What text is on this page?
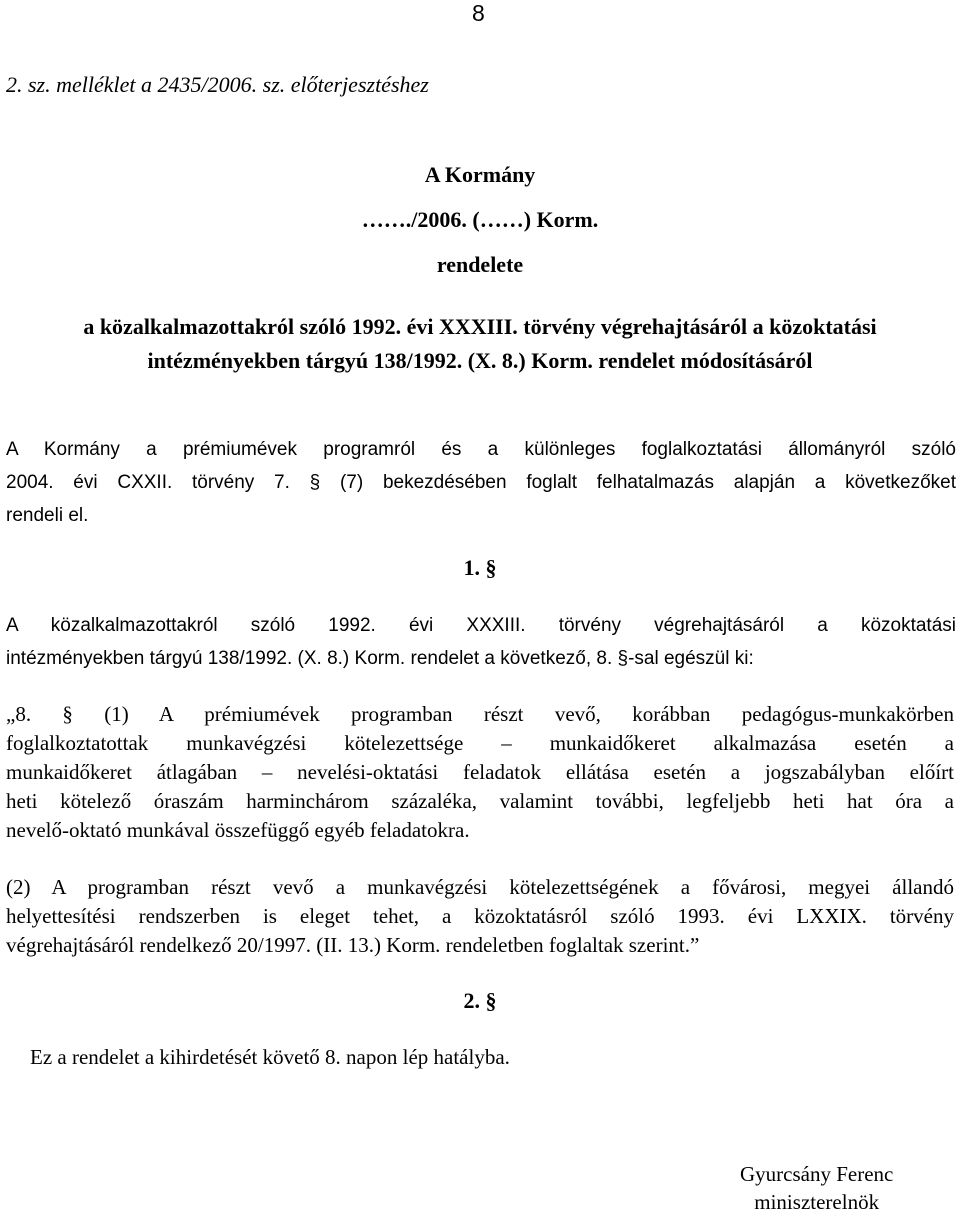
8
2. sz. melléklet a 2435/2006. sz. előterjesztéshez
A Kormány
……./2006. (……) Korm.
rendelete
a közalkalmazottakról szóló 1992. évi XXXIII. törvény végrehajtásáról a közoktatási
intézményekben tárgyú 138/1992. (X. 8.) Korm. rendelet módosításáról
A Kormány a prémiumévek programról és a különleges foglalkoztatási állományról szóló
2004. évi CXXII. törvény 7. § (7) bekezdésében foglalt felhatalmazás alapján a következőket
rendeli el.
1. §
A közalkalmazottakról szóló 1992. évi XXXIII. törvény végrehajtásáról a közoktatási
intézményekben tárgyú 138/1992. (X. 8.) Korm. rendelet a következő, 8. §-sal egészül ki:
„8. § (1) A prémiumévek programban részt vevő, korábban pedagógus-munkakörben
foglalkoztatottak munkavégzési kötelezettsége – munkaidőkeret alkalmazása esetén a
munkaidőkeret átlagában – nevelési-oktatási feladatok ellátása esetén a jogszabályban előírt
heti kötelező óraszám harminchárom százaléka, valamint további, legfeljebb heti hat óra a
nevelő-oktató munkával összefüggő egyéb feladatokra.
(2) A programban részt vevő a munkavégzési kötelezettségének a fővárosi, megyei állandó
helyettesítési rendszerben is eleget tehet, a közoktatásról szóló 1993. évi LXXIX. törvény
végrehajtásáról rendelkező 20/1997. (II. 13.) Korm. rendeletben foglaltak szerint.”
2. §
Ez a rendelet a kihirdetését követő 8. napon lép hatályba.
Gyurcsány Ferenc
miniszterelnök
